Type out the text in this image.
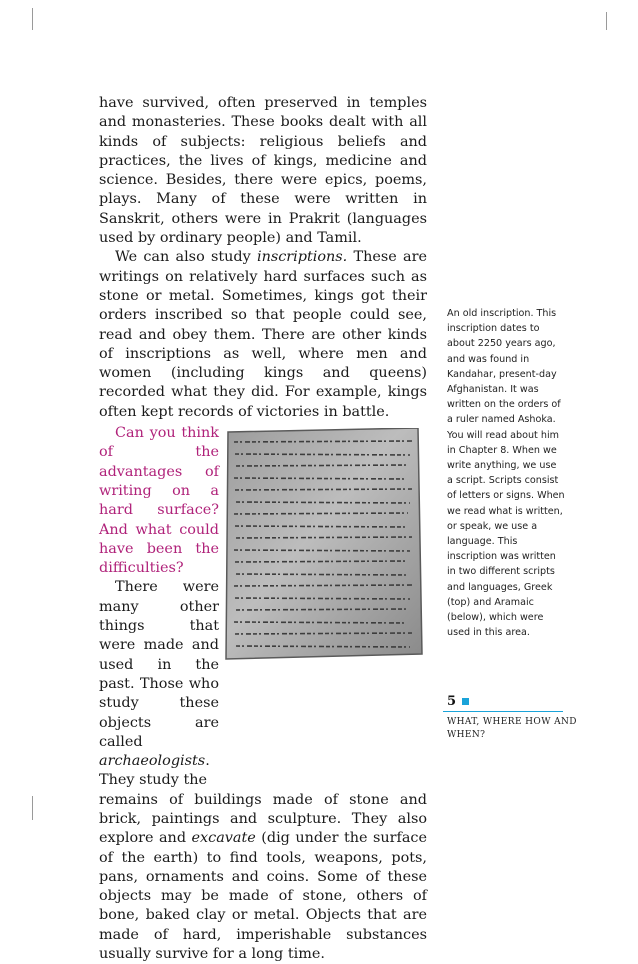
have survived, often preserved in temples and monasteries. These books dealt with all kinds of subjects: religious beliefs and practices, the lives of kings, medicine and science. Besides, there were epics, poems, plays. Many of these were written in Sanskrit, others were in Prakrit (languages used by ordinary people) and Tamil.

We can also study inscriptions. These are writings on relatively hard surfaces such as stone or metal. Sometimes, kings got their orders inscribed so that people could see, read and obey them. There are other kinds of inscriptions as well, where men and women (including kings and queens) recorded what they did. For example, kings often kept records of victories in battle.

Can you think of the advantages of writing on a hard surface? And what could have been the difficulties?

There were many other things that were made and used in the past. Those who study these objects are called archaeologists. They study the

remains of buildings made of stone and brick, paintings and sculpture. They also explore and excavate (dig under the surface of the earth) to find tools, weapons, pots, pans, ornaments and coins. Some of these objects may be made of stone, others of bone, baked clay or metal. Objects that are made of hard, imperishable substances usually survive for a long time.

An old inscription. This inscription dates to about 2250 years ago, and was found in Kandahar, present-day Afghanistan. It was written on the orders of a ruler named Ashoka. You will read about him in Chapter 8. When we write anything, we use a script. Scripts consist of letters or signs. When we read what is written, or speak, we use a language. This inscription was written in two different scripts and languages, Greek (top) and Aramaic (below), which were used in this area.

5
WHAT, WHERE HOW AND WHEN?
